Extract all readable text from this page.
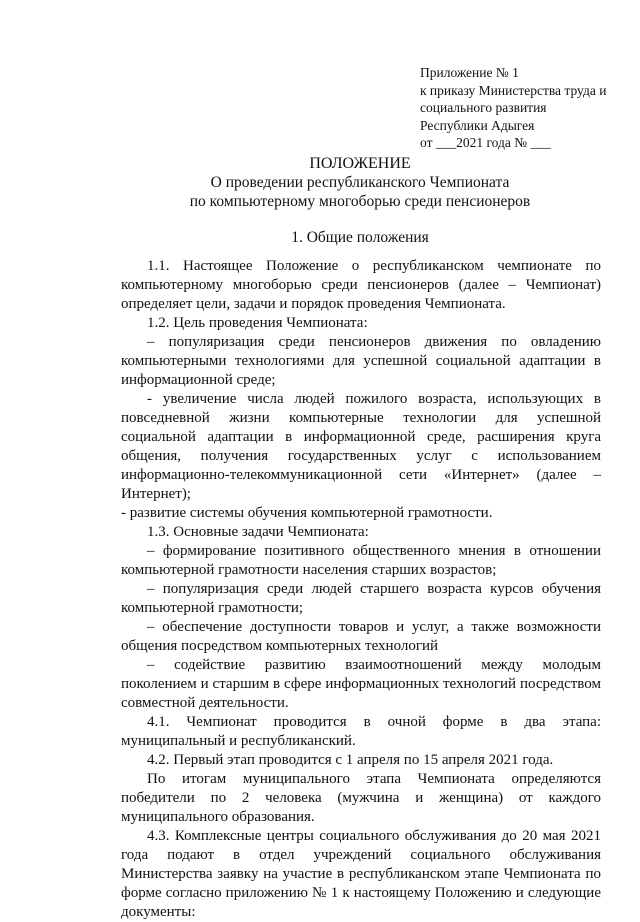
Приложение № 1
к приказу Министерства труда и
социального развития
Республики Адыгея
от ___2021 года № ___
ПОЛОЖЕНИЕ
О проведении республиканского Чемпионата
по компьютерному многоборью среди пенсионеров
1. Общие положения

1.1. Настоящее Положение о республиканском чемпионате по компьютерному многоборью среди пенсионеров (далее – Чемпионат) определяет цели, задачи и порядок проведения Чемпионата.

1.2. Цель проведения Чемпионата:

– популяризация среди пенсионеров движения по овладению компьютерными технологиями для успешной социальной адаптации в информационной среде;

- увеличение числа людей пожилого возраста, использующих в повседневной жизни компьютерные технологии для успешной социальной адаптации в информационной среде, расширения круга общения, получения государственных услуг с использованием информационно-телекоммуникационной сети «Интернет» (далее – Интернет);

- развитие системы обучения компьютерной грамотности.

1.3. Основные задачи Чемпионата:

– формирование позитивного общественного мнения в отношении компьютерной грамотности населения старших возрастов;

– популяризация среди людей старшего возраста курсов обучения компьютерной грамотности;

– обеспечение доступности товаров и услуг, а также возможности общения посредством компьютерных технологий

– содействие развитию взаимоотношений между молодым поколением и старшим в сфере информационных технологий посредством совместной деятельности.

4.1. Чемпионат проводится в очной форме в два этапа: муниципальный и республиканский.

4.2. Первый этап проводится с 1 апреля по 15 апреля 2021 года.

По итогам муниципального этапа Чемпионата определяются победители по 2 человека (мужчина и женщина) от каждого муниципального образования.

4.3. Комплексные центры социального обслуживания до 20 мая 2021 года подают в отдел учреждений социального обслуживания Министерства заявку на участие в республиканском этапе Чемпионата по форме согласно приложению № 1 к настоящему Положению и следующие документы:
